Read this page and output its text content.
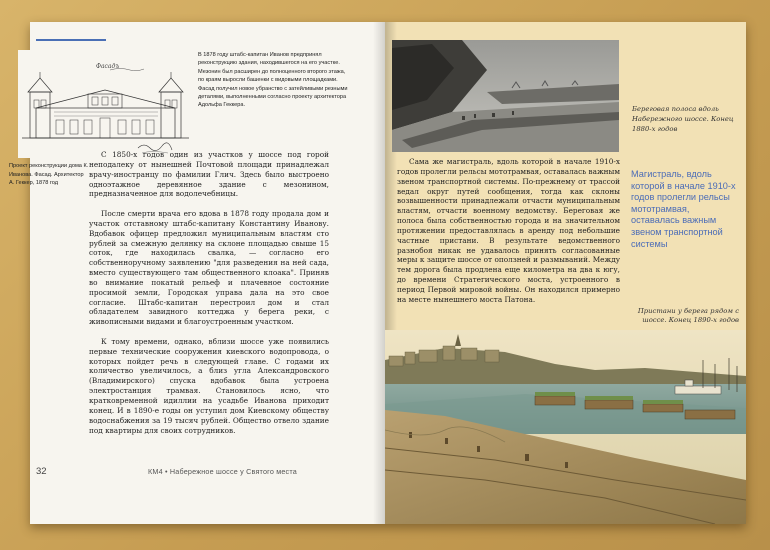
Фасадъ
В 1878 году штабс-капитан Иванов предпринял реконструкцию здания, находившегося на его участке. Мезонин был расширен до полноценного второго этажа, по краям выросли башенки с видовыми площадками. Фасад получил новое убранство с затейливыми резными деталями, выполненными согласно проекту архитектора Адольфа Геккера.
Проект реконструкции дома К. Иванова. Фасад. Архитектор А. Геккер, 1878 год

С 1850-х годов один из участков у шоссе под горой неподалеку от нынешней Почтовой площади принадлежал врачу-иностранцу по фамилии Глич. Здесь было выстроено одноэтажное деревянное здание с мезонином, предназначенное для водолечебницы.

После смерти врача его вдова в 1878 году продала дом и участок отставному штабс-капитану Константину Иванову. Вдобавок офицер предложил муниципальным властям сто рублей за смежную делянку на склоне площадью свыше 15 соток, где находилась свалка, — согласно его собственноручному заявлению "для разведения на ней сада, вместо существующего там общественного клоака". Приняв во внимание покатый рельеф и плачевное состояние просимой земли, Городская управа дала на это свое согласие. Штабс-капитан перестроил дом и стал обладателем завидного коттеджа у берега реки, с живописными видами и благоустроенным участком.

К тому времени, однако, вблизи шоссе уже появились первые технические сооружения киевского водопровода, о которых пойдет речь в следующей главе. С годами их количество увеличилось, а близ угла Александровского (Владимирского) спуска вдобавок была устроена электростанция трамвая. Становилось ясно, что кратковременной идиллии на усадьбе Иванова приходит конец. И в 1890-е годы он уступил дом Киевскому обществу водоснабжения за 19 тысяч рублей. Общество отвело здание под квартиры для своих сотрудников.

32	КМ4 • Набережное шоссе у Святого места
Береговая полоса вдоль Набережного шоссе. Конец 1880-х годов

Сама же магистраль, вдоль которой в начале 1910-х годов пролегли рельсы мототрамвая, оставалась важным звеном транспортной системы. По-прежнему от трассой ведал округ путей сообщения, тогда как склоны возвышенности принадлежали отчасти муниципальным властям, отчасти военному ведомству. Береговая же полоса была собственностью города и на значительном протяжении предоставлялась в аренду под небольшие частные пристани. В результате ведомственного разнобоя никак не удавалось принять согласованные меры к защите шоссе от оползней и размываний. Между тем дорога была продлена еще километра на два к югу, до времени Стратегического моста, устроенного в период Первой мировой войны. Он находился примерно на месте нынешнего моста Патона.

Магистраль, вдоль которой в начале 1910-х годов пролегли рельсы мототрамвая, оставалась важным звеном транспортной системы
Пристани у берега рядом с шоссе. Конец 1890-х годов
